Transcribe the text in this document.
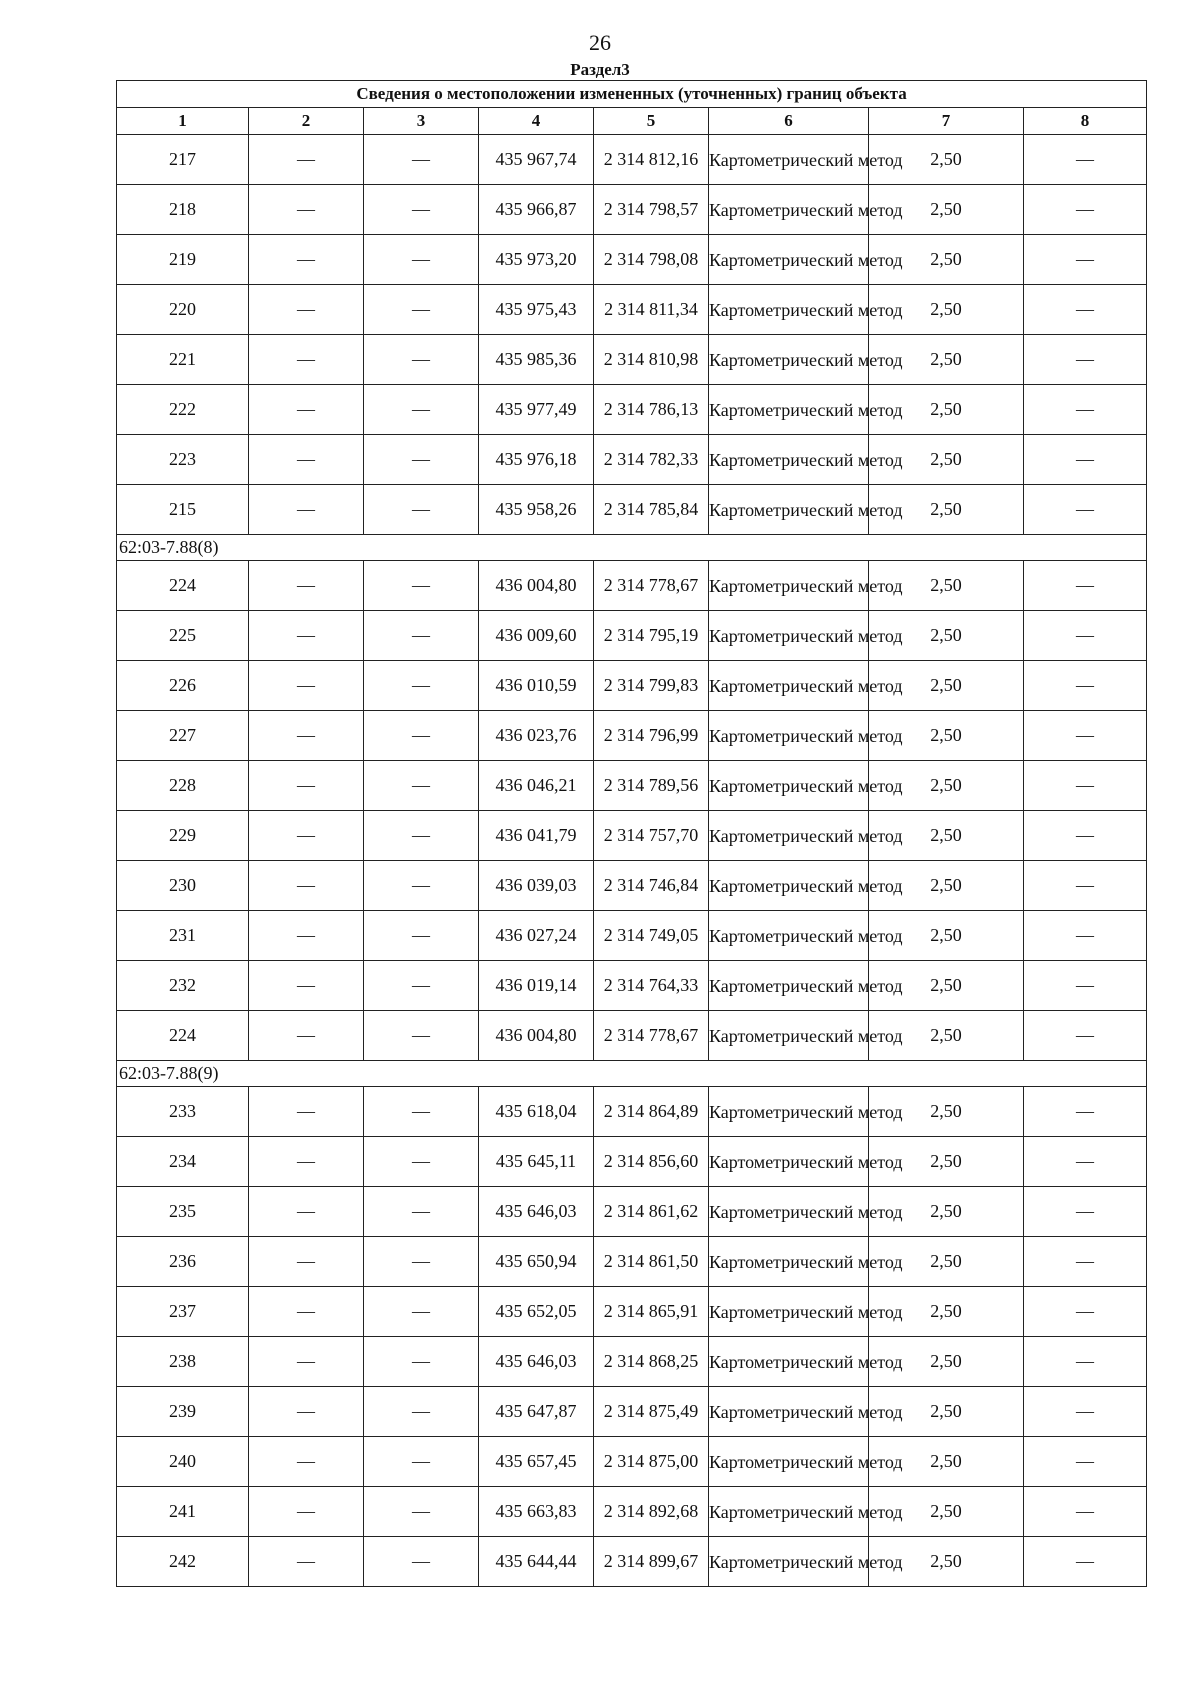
26
Раздел3
Сведения о местоположении измененных (уточненных) границ объекта							
1	2	3	4	5	6	7	8
217	—	—	435 967,74	2 314 812,16	Картометрический метод	2,50	—
218	—	—	435 966,87	2 314 798,57	Картометрический метод	2,50	—
219	—	—	435 973,20	2 314 798,08	Картометрический метод	2,50	—
220	—	—	435 975,43	2 314 811,34	Картометрический метод	2,50	—
221	—	—	435 985,36	2 314 810,98	Картометрический метод	2,50	—
222	—	—	435 977,49	2 314 786,13	Картометрический метод	2,50	—
223	—	—	435 976,18	2 314 782,33	Картометрический метод	2,50	—
215	—	—	435 958,26	2 314 785,84	Картометрический метод	2,50	—
62:03-7.88(8)							
224	—	—	436 004,80	2 314 778,67	Картометрический метод	2,50	—
225	—	—	436 009,60	2 314 795,19	Картометрический метод	2,50	—
226	—	—	436 010,59	2 314 799,83	Картометрический метод	2,50	—
227	—	—	436 023,76	2 314 796,99	Картометрический метод	2,50	—
228	—	—	436 046,21	2 314 789,56	Картометрический метод	2,50	—
229	—	—	436 041,79	2 314 757,70	Картометрический метод	2,50	—
230	—	—	436 039,03	2 314 746,84	Картометрический метод	2,50	—
231	—	—	436 027,24	2 314 749,05	Картометрический метод	2,50	—
232	—	—	436 019,14	2 314 764,33	Картометрический метод	2,50	—
224	—	—	436 004,80	2 314 778,67	Картометрический метод	2,50	—
62:03-7.88(9)							
233	—	—	435 618,04	2 314 864,89	Картометрический метод	2,50	—
234	—	—	435 645,11	2 314 856,60	Картометрический метод	2,50	—
235	—	—	435 646,03	2 314 861,62	Картометрический метод	2,50	—
236	—	—	435 650,94	2 314 861,50	Картометрический метод	2,50	—
237	—	—	435 652,05	2 314 865,91	Картометрический метод	2,50	—
238	—	—	435 646,03	2 314 868,25	Картометрический метод	2,50	—
239	—	—	435 647,87	2 314 875,49	Картометрический метод	2,50	—
240	—	—	435 657,45	2 314 875,00	Картометрический метод	2,50	—
241	—	—	435 663,83	2 314 892,68	Картометрический метод	2,50	—
242	—	—	435 644,44	2 314 899,67	Картометрический метод	2,50	—
